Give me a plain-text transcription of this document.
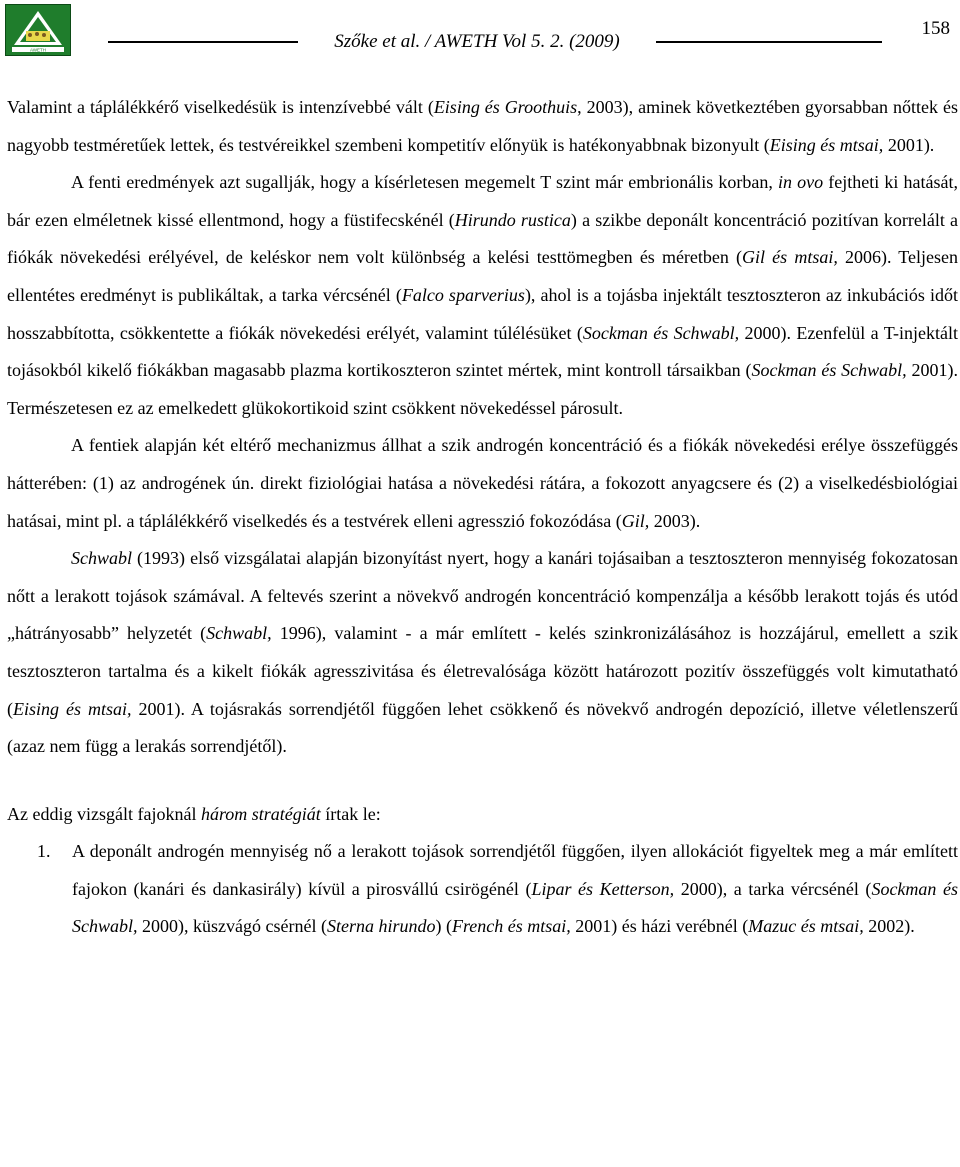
AWETH	Szőke et al. / AWETH Vol 5. 2. (2009)
158

Valamint a táplálékkérő viselkedésük is intenzívebbé vált (Eising és Groothuis, 2003), aminek következtében gyorsabban nőttek és nagyobb testméretűek lettek, és testvéreikkel szembeni kompetitív előnyük is hatékonyabbnak bizonyult (Eising és mtsai, 2001).

A fenti eredmények azt sugallják, hogy a kísérletesen megemelt T szint már embrionális korban, in ovo fejtheti ki hatását, bár ezen elméletnek kissé ellentmond, hogy a füstifecskénél (Hirundo rustica) a szikbe deponált koncentráció pozitívan korrelált a fiókák növekedési erélyével, de keléskor nem volt különbség a kelési testtömegben és méretben (Gil és mtsai, 2006). Teljesen ellentétes eredményt is publikáltak, a tarka vércsénél (Falco sparverius), ahol is a tojásba injektált tesztoszteron az inkubációs időt hosszabbította, csökkentette a fiókák növekedési erélyét, valamint túlélésüket (Sockman és Schwabl, 2000). Ezenfelül a T-injektált tojásokból kikelő fiókákban magasabb plazma kortikoszteron szintet mértek, mint kontroll társaikban (Sockman és Schwabl, 2001). Természetesen ez az emelkedett glükokortikoid szint csökkent növekedéssel párosult.

A fentiek alapján két eltérő mechanizmus állhat a szik androgén koncentráció és a fiókák növekedési erélye összefüggés hátterében: (1) az androgének ún. direkt fiziológiai hatása a növekedési rátára, a fokozott anyagcsere és (2) a viselkedésbiológiai hatásai, mint pl. a táplálékkérő viselkedés és a testvérek elleni agresszió fokozódása (Gil, 2003).

Schwabl (1993) első vizsgálatai alapján bizonyítást nyert, hogy a kanári tojásaiban a tesztoszteron mennyiség fokozatosan nőtt a lerakott tojások számával. A feltevés szerint a növekvő androgén koncentráció kompenzálja a később lerakott tojás és utód „hátrányosabb” helyzetét (Schwabl, 1996), valamint - a már említett - kelés szinkronizálásához is hozzájárul, emellett a szik tesztoszteron tartalma és a kikelt fiókák agresszivitása és életrevalósága között határozott pozitív összefüggés volt kimutatható (Eising és mtsai, 2001). A tojásrakás sorrendjétől függően lehet csökkenő és növekvő androgén depozíció, illetve véletlenszerű (azaz nem függ a lerakás sorrendjétől).

Az eddig vizsgált fajoknál három stratégiát írtak le:

1. A deponált androgén mennyiség nő a lerakott tojások sorrendjétől függően, ilyen allokációt figyeltek meg a már említett fajokon (kanári és dankasirály) kívül a pirosvállú csirögénél (Lipar és Ketterson, 2000), a tarka vércsénél (Sockman és Schwabl, 2000), küszvágó csérnél (Sterna hirundo) (French és mtsai, 2001) és házi verébnél (Mazuc és mtsai, 2002).
